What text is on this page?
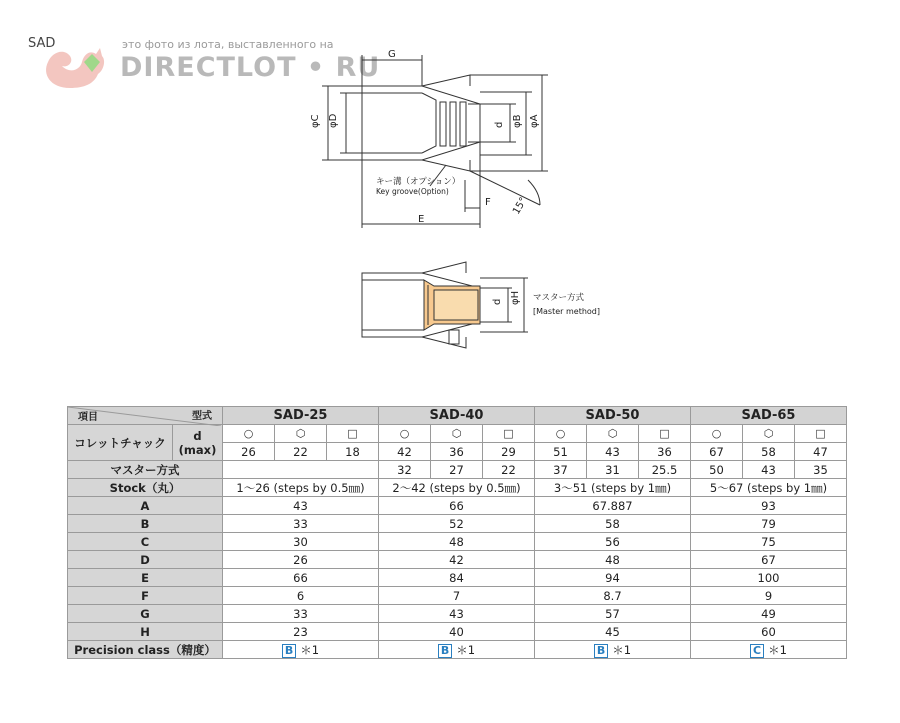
SAD	это фото из лота, выставленного на
DIRECTLOT • RU G
φC φD	d φB φA
F
E
15°
キー溝（オプション）
Key groove(Option)
d φH マスター方式
[Master method]
項目 型式		SAD-25			SAD-40			SAD-50			SAD-65		
コレットチャック	d (max)	○	⬡	□	○	⬡	□	○	⬡	□	○	⬡	□
		26	22	18	42	36	29	51	43	36	67	58	47
マスター方式					32	27	22	37	31	25.5	50	43	35
Stock（丸）		1～26 (steps by 0.5㎜)			2～42 (steps by 0.5㎜)			3～51 (steps by 1㎜)			5～67 (steps by 1㎜)		
A		43			66			67.887			93		
B		33			52			58			79		
C		30			48			56			75		
D		26			42			48			67		
E		66			84			94			100		
F		6			7			8.7			9		
G		33			43			57			49		
H		23			40			45			60		
Precision class（精度）		B ＊1			B ＊1			B ＊1			C ＊1		
